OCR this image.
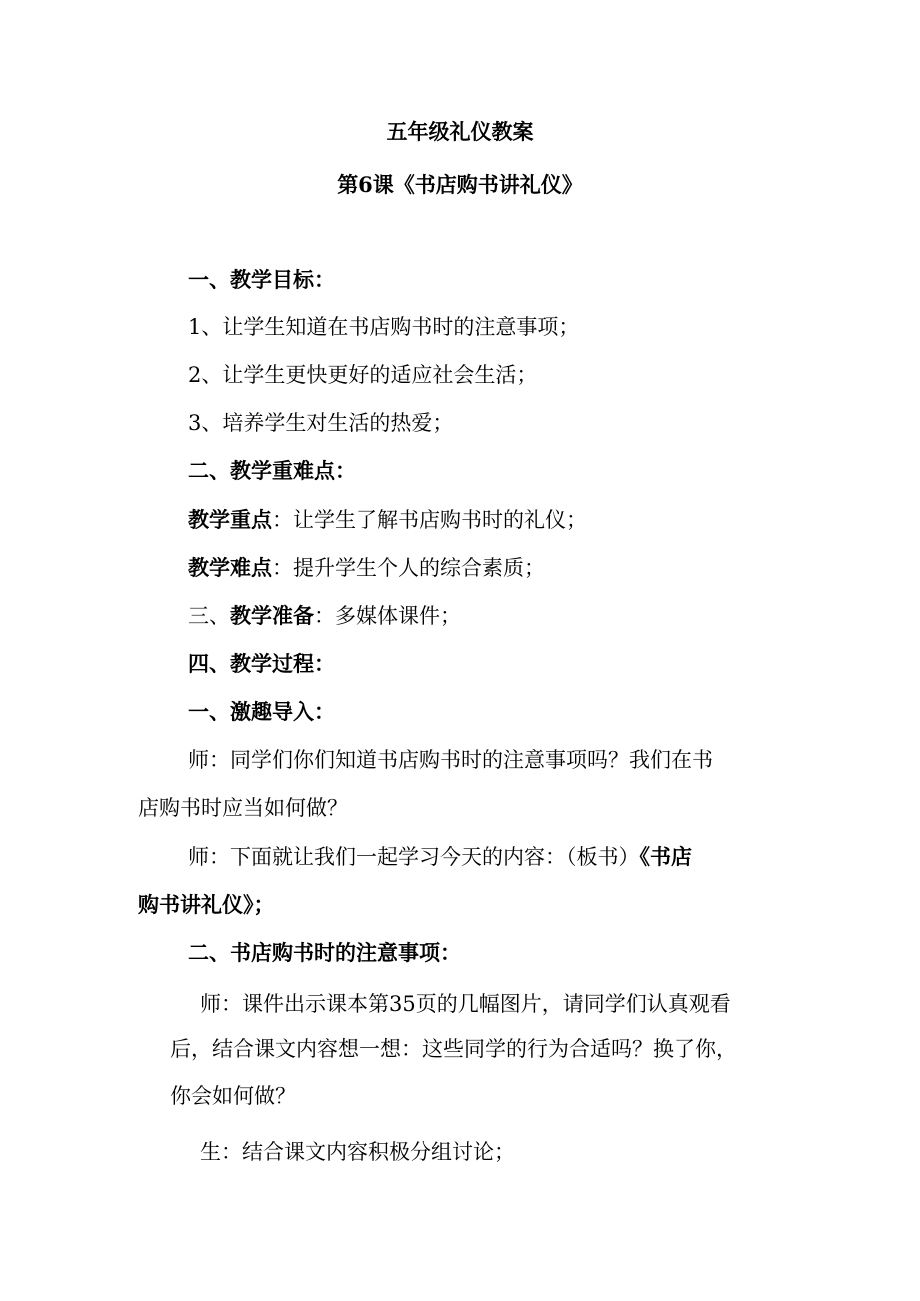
五年级礼仪教案
第6课《书店购书讲礼仪》
一、教学目标：
1、让学生知道在书店购书时的注意事项；
2、让学生更快更好的适应社会生活；
3、培养学生对生活的热爱；
二、教学重难点：
教学重点：让学生了解书店购书时的礼仪；
教学难点：提升学生个人的综合素质；
三、教学准备：多媒体课件；
四、教学过程：
一、激趣导入：
师：同学们你们知道书店购书时的注意事项吗？我们在书
店购书时应当如何做？
师：下面就让我们一起学习今天的内容：（板书）《书店
购书讲礼仪》；
二、书店购书时的注意事项：
师：课件出示课本第35页的几幅图片，请同学们认真观看
后，结合课文内容想一想：这些同学的行为合适吗？换了你，
你会如何做？
生：结合课文内容积极分组讨论；
